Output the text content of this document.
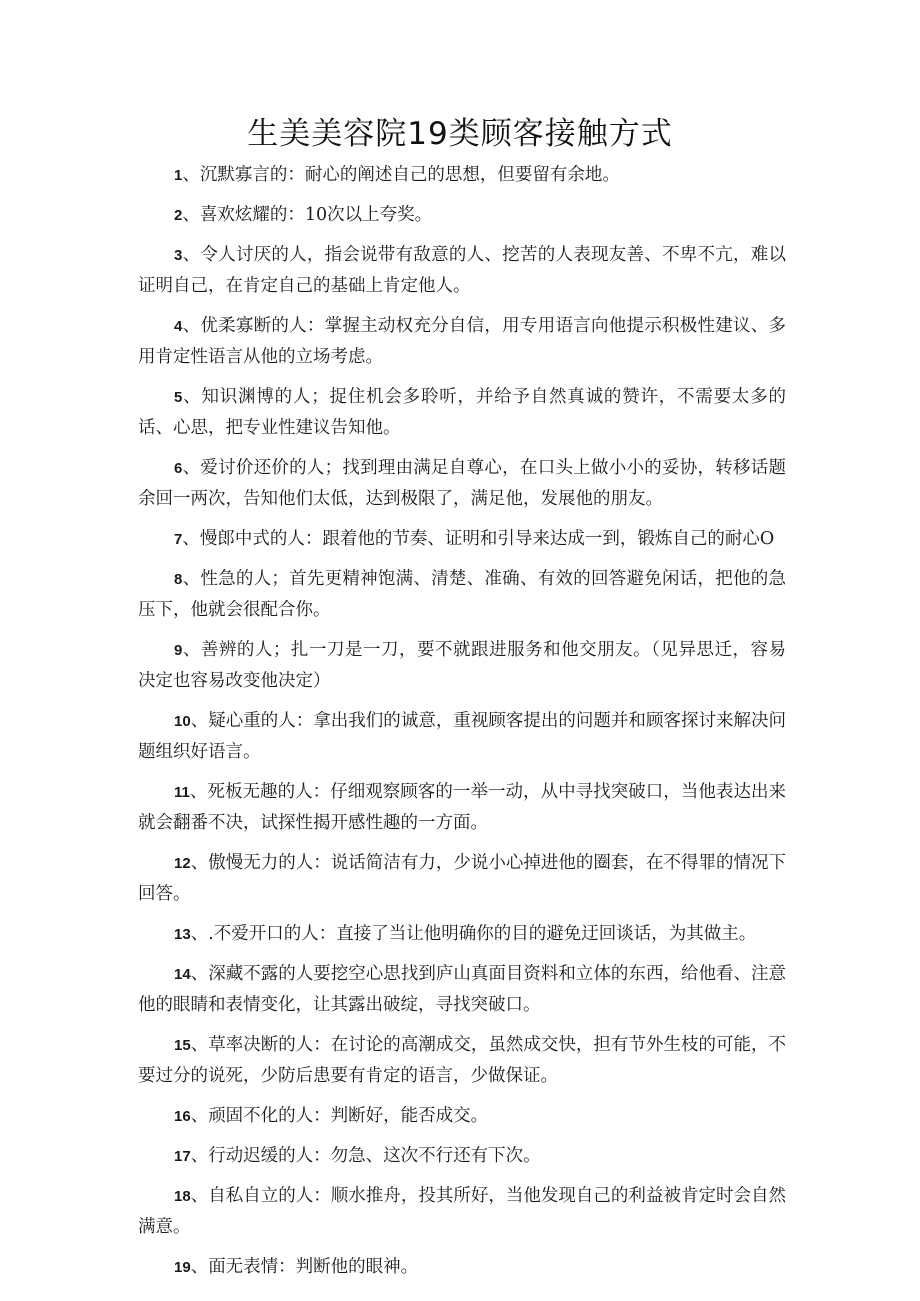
生美美容院19类顾客接触方式

1、沉默寡言的：耐心的阐述自己的思想，但要留有余地。

2、喜欢炫耀的：10次以上夸奖。

3、令人讨厌的人，指会说带有敌意的人、挖苦的人表现友善、不卑不亢，难以证明自己，在肯定自己的基础上肯定他人。

4、优柔寡断的人：掌握主动权充分自信，用专用语言向他提示积极性建议、多用肯定性语言从他的立场考虑。

5、知识渊博的人；捉住机会多聆听，并给予自然真诚的赞许，不需要太多的话、心思，把专业性建议告知他。

6、爱讨价还价的人；找到理由满足自尊心，在口头上做小小的妥协，转移话题余回一两次，告知他们太低，达到极限了，满足他，发展他的朋友。

7、慢郎中式的人：跟着他的节奏、证明和引导来达成一到，锻炼自己的耐心O

8、性急的人；首先更精神饱满、清楚、准确、有效的回答避免闲话，把他的急压下，他就会很配合你。

9、善辨的人；扎一刀是一刀，要不就跟进服务和他交朋友。（见异思迁，容易决定也容易改变他决定）

10、疑心重的人：拿出我们的诚意，重视顾客提出的问题并和顾客探讨来解决问题组织好语言。

11、死板无趣的人：仔细观察顾客的一举一动，从中寻找突破口，当他表达出来就会翻番不决，试探性揭开感性趣的一方面。

12、傲慢无力的人：说话简洁有力，少说小心掉进他的圈套，在不得罪的情况下回答。

13、.不爱开口的人：直接了当让他明确你的目的避免迂回谈话，为其做主。

14、深藏不露的人要挖空心思找到庐山真面目资料和立体的东西，给他看、注意他的眼睛和表情变化，让其露出破绽，寻找突破口。

15、草率决断的人：在讨论的高潮成交，虽然成交快，担有节外生枝的可能，不要过分的说死，少防后患要有肯定的语言，少做保证。

16、顽固不化的人：判断好，能否成交。

17、行动迟缓的人：勿急、这次不行还有下次。

18、自私自立的人：顺水推舟，投其所好，当他发现自己的利益被肯定时会自然满意。

19、面无表情：判断他的眼神。
